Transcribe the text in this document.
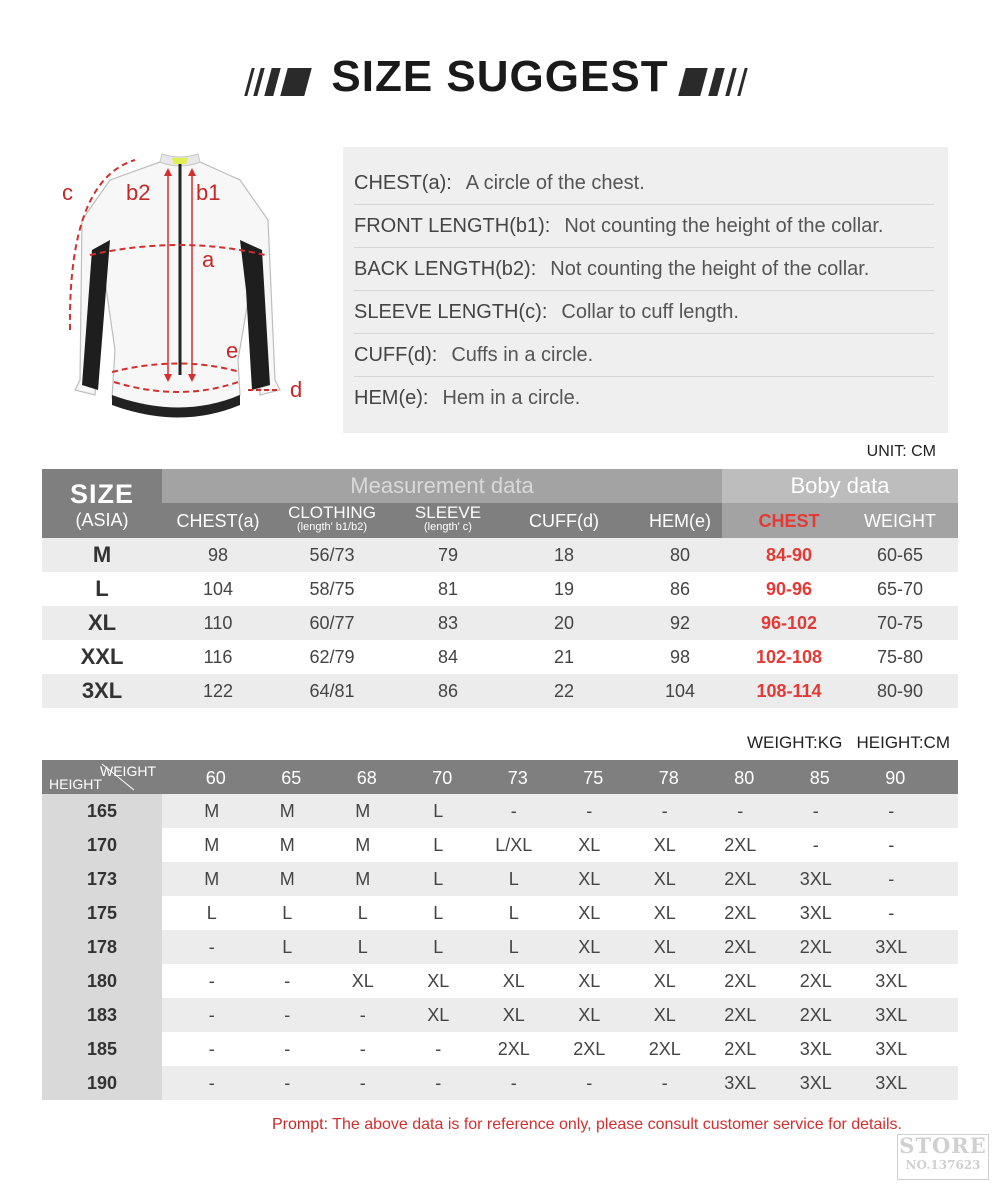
SIZE SUGGEST
c b2 b1
a
e
d
CHEST(a): A circle of the chest.
FRONT LENGTH(b1): Not counting the height of the collar.
BACK LENGTH(b2): Not counting the height of the collar.
SLEEVE LENGTH(c): Collar to cuff length.
CUFF(d): Cuffs in a circle.
HEM(e): Hem in a circle.
UNIT: CM
SIZE
(ASIA)
Measurement data	Boby data
CHEST(a)	CLOTHING
(length' b1/b2)
SLEEVE
(length' c)	CUFF(d)	HEM(e)	CHEST	WEIGHT
M	98	56/73	79	18	80	84-90	60-65
L	104	58/75	81	19	86	90-96	65-70
XL	110	60/77	83	20	92	96-102	70-75
XXL	116	62/79	84	21	98	102-108	75-80
3XL	122	64/81	86	22	104	108-114	80-90
WEIGHT:KG   HEIGHT:CM
WEIGHT
HEIGHT	60	65	68	70	73	75	78	80	85	90
165	M	M	M	L	-	-	-	-	-	-
170	M	M	M	L	L/XL	XL	XL	2XL	-	-
173	M	M	M	L	L	XL	XL	2XL	3XL	-
175	L	L	L	L	L	XL	XL	2XL	3XL	-
178	-	L	L	L	L	XL	XL	2XL	2XL	3XL
180	-	-	XL	XL	XL	XL	XL	2XL	2XL	3XL
183	-	-	-	XL	XL	XL	XL	2XL	2XL	3XL
185	-	-	-	-	2XL	2XL	2XL	2XL	3XL	3XL
190	-	-	-	-	-	-	-	3XL	3XL	3XL
Prompt: The above data is for reference only, please consult customer service for details.
STORE
NO.137623
